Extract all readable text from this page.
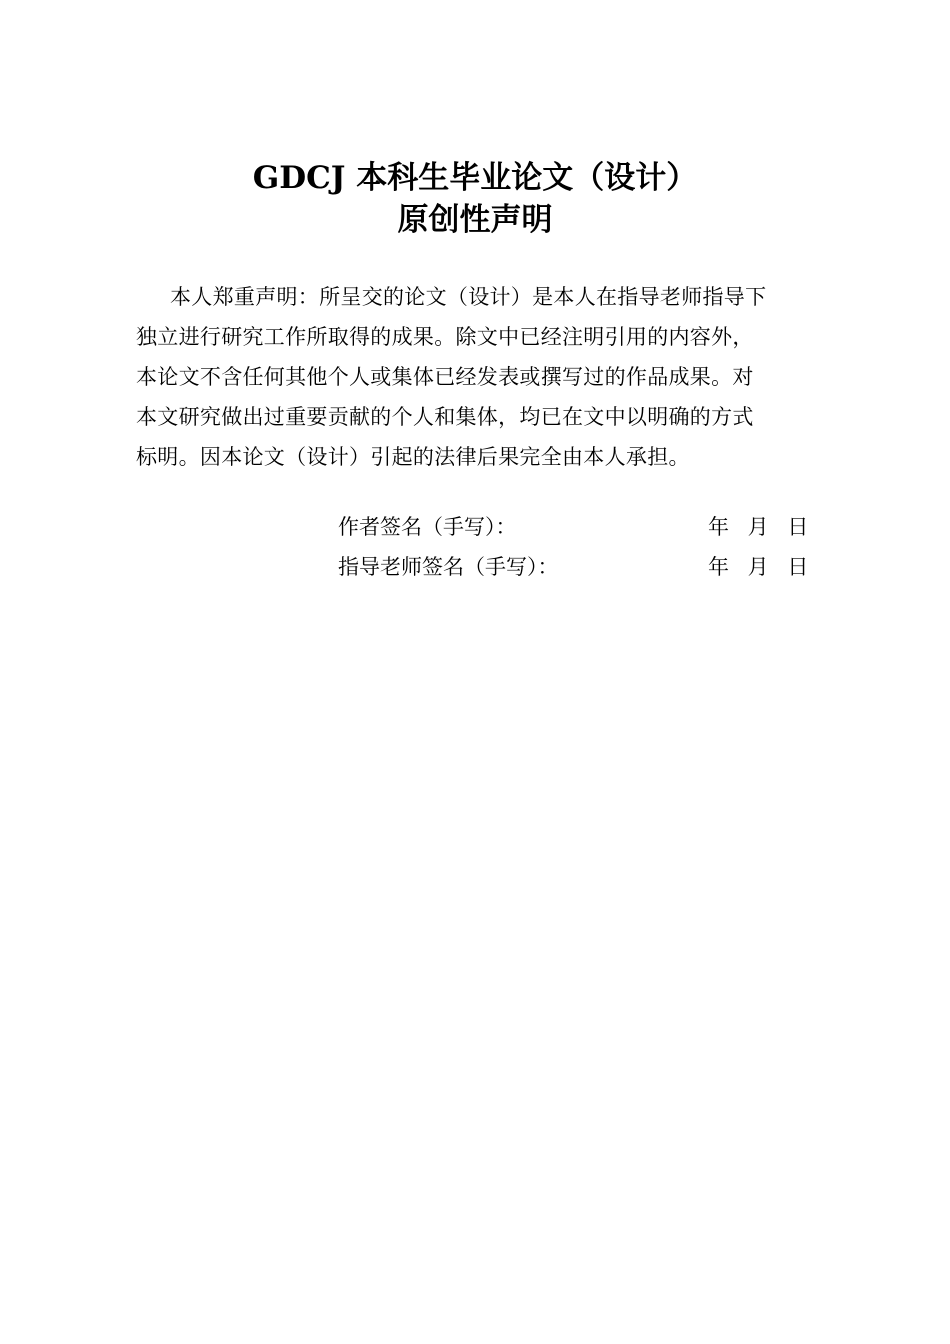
GDCJ 本科生毕业论文（设计）
原创性声明
本人郑重声明：所呈交的论文（设计）是本人在指导老师指导下
独立进行研究工作所取得的成果。除文中已经注明引用的内容外，
本论文不含任何其他个人或集体已经发表或撰写过的作品成果。对
本文研究做出过重要贡献的个人和集体，均已在文中以明确的方式
标明。因本论文（设计）引起的法律后果完全由本人承担。
作者签名（手写）：	年 月 日
指导老师签名（手写）：	年 月 日
